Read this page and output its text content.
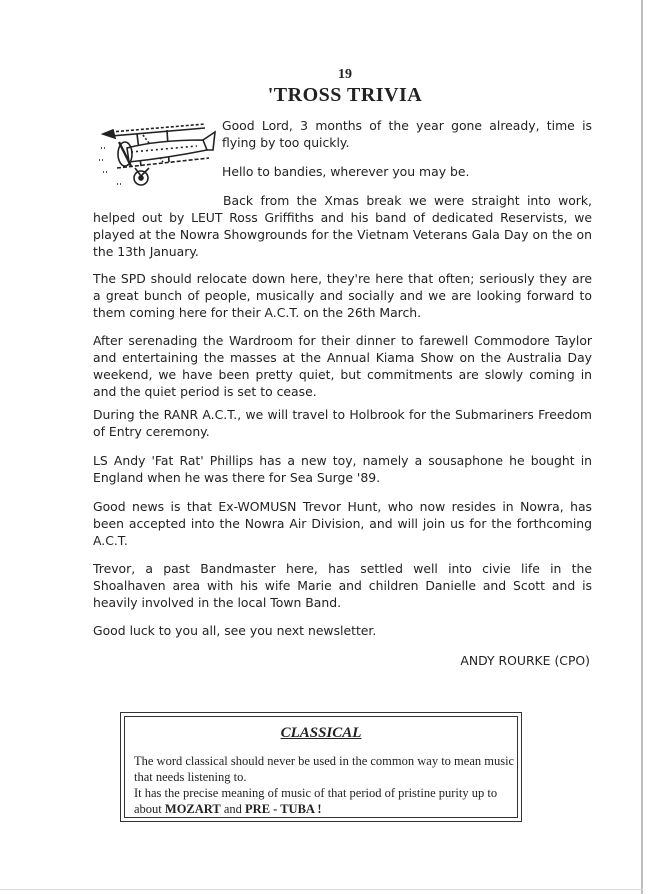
19
'TROSS TRIVIA

Good Lord, 3 months of the year gone already, time is flying by too quickly.

Hello to bandies, wherever you may be.

Back from the Xmas break we were straight into work, helped out by LEUT Ross Griffiths and his band of dedicated Reservists, we played at the Nowra Showgrounds for the Vietnam Veterans Gala Day on the on the 13th January.

The SPD should relocate down here, they're here that often; seriously they are a great bunch of people, musically and socially and we are looking forward to them coming here for their A.C.T. on the 26th March.

After serenading the Wardroom for their dinner to farewell Commodore Taylor and entertaining the masses at the Annual Kiama Show on the Australia Day weekend, we have been pretty quiet, but commitments are slowly coming in and the quiet period is set to cease.

During the RANR A.C.T., we will travel to Holbrook for the Submariners Freedom of Entry ceremony.

LS Andy 'Fat Rat' Phillips has a new toy, namely a sousaphone he bought in England when he was there for Sea Surge '89.

Good news is that Ex-WOMUSN Trevor Hunt, who now resides in Nowra, has been accepted into the Nowra Air Division, and will join us for the forthcoming A.C.T.

Trevor, a past Bandmaster here, has settled well into civie life in the Shoalhaven area with his wife Marie and children Danielle and Scott and is heavily involved in the local Town Band.

Good luck to you all, see you next newsletter.

ANDY ROURKE (CPO)

CLASSICAL

The word classical should never be used in the common way to mean music

that needs listening to.

It has the precise meaning of music of that period of pristine purity up to

about MOZART and PRE - TUBA !
